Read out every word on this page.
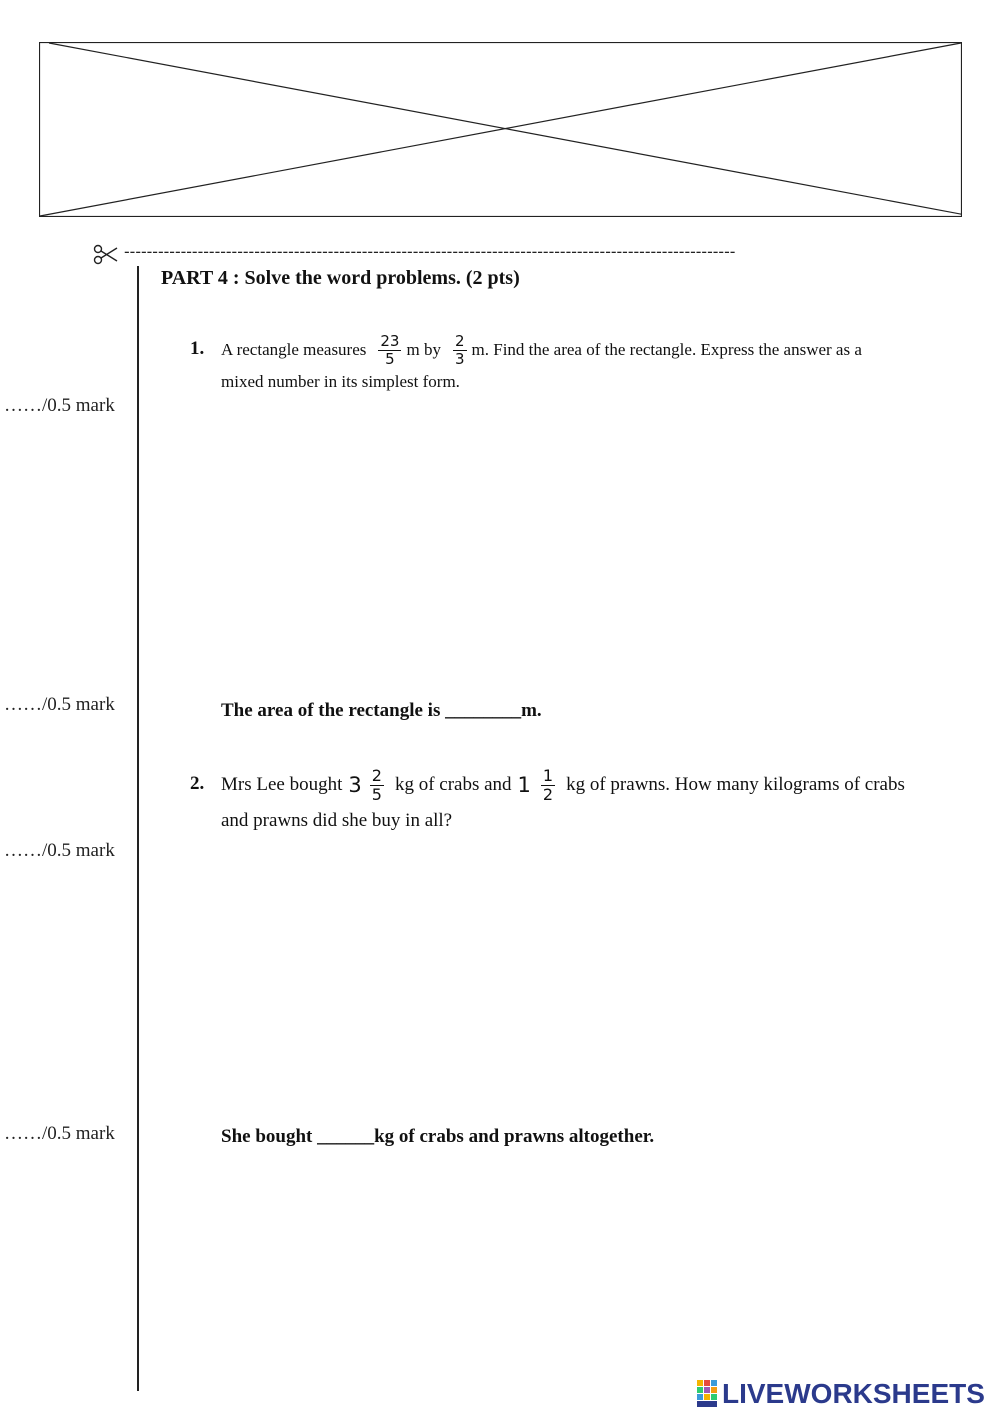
------------------------------------------------------------------------------------------------------------
PART 4 : Solve the word problems. (2 pts)
……/0.5 mark
……/0.5 mark
……/0.5 mark
……/0.5 mark
1. A rectangle measures $\frac{23}{5}$ m by $\frac{2}{3} m$. Find the area of the rectangle. Express the answer as a
mixed number in its simplest form.
The area of the rectangle is ________m.
2. Mrs Lee bought $3 \frac{2}{5}$ kg of crabs and $1 \frac{1}{2}$ kg of prawns. How many kilograms of crabs
and prawns did she buy in all?
She bought ______kg of crabs and prawns altogether.
LIVEWORKSHEETS
